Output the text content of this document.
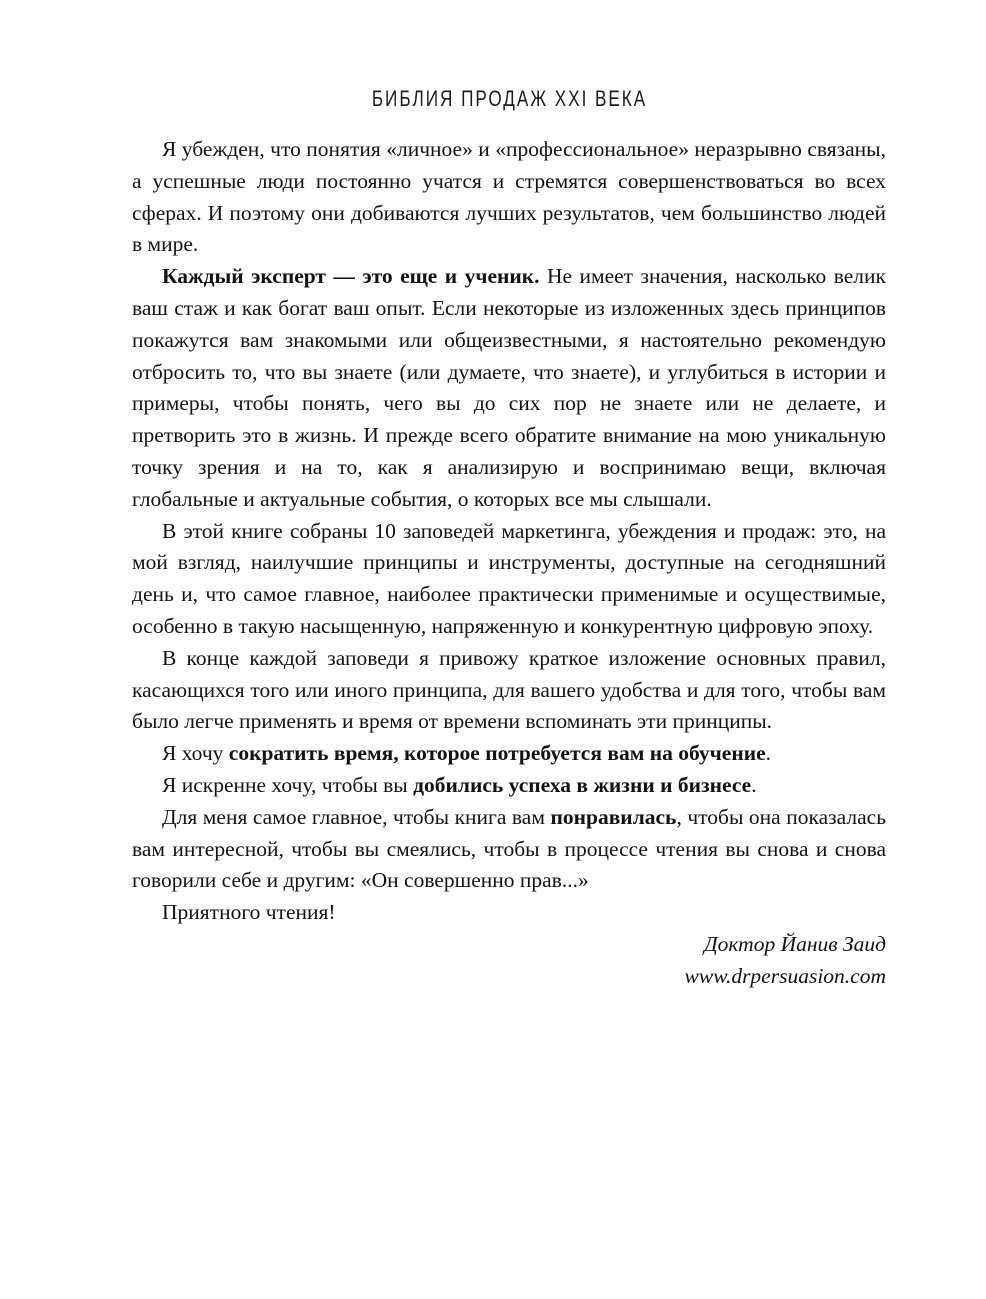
БИБЛИЯ ПРОДАЖ XXI ВЕКА

Я убежден, что понятия «личное» и «профессиональное» неразрывно связаны, а успешные люди постоянно учатся и стремятся совершенствоваться во всех сферах. И поэтому они добиваются лучших результатов, чем большинство людей в мире.

Каждый эксперт — это еще и ученик. Не имеет значения, насколько велик ваш стаж и как богат ваш опыт. Если некоторые из изложенных здесь принципов покажутся вам знакомыми или общеизвестными, я настоятельно рекомендую отбросить то, что вы знаете (или думаете, что знаете), и углубиться в истории и примеры, чтобы понять, чего вы до сих пор не знаете или не делаете, и претворить это в жизнь. И прежде всего обратите внимание на мою уникальную точку зрения и на то, как я анализирую и воспринимаю вещи, включая глобальные и актуальные события, о которых все мы слышали.

В этой книге собраны 10 заповедей маркетинга, убеждения и продаж: это, на мой взгляд, наилучшие принципы и инструменты, доступные на сегодняшний день и, что самое главное, наиболее практически применимые и осуществимые, особенно в такую насыщенную, напряженную и конкурентную цифровую эпоху.

В конце каждой заповеди я привожу краткое изложение основных правил, касающихся того или иного принципа, для вашего удобства и для того, чтобы вам было легче применять и время от времени вспоминать эти принципы.

Я хочу сократить время, которое потребуется вам на обучение.

Я искренне хочу, чтобы вы добились успеха в жизни и бизнесе.

Для меня самое главное, чтобы книга вам понравилась, чтобы она показалась вам интересной, чтобы вы смеялись, чтобы в процессе чтения вы снова и снова говорили себе и другим: «Он совершенно прав...»

Приятного чтения!

Доктор Йанив Заид
www.drpersuasion.com
